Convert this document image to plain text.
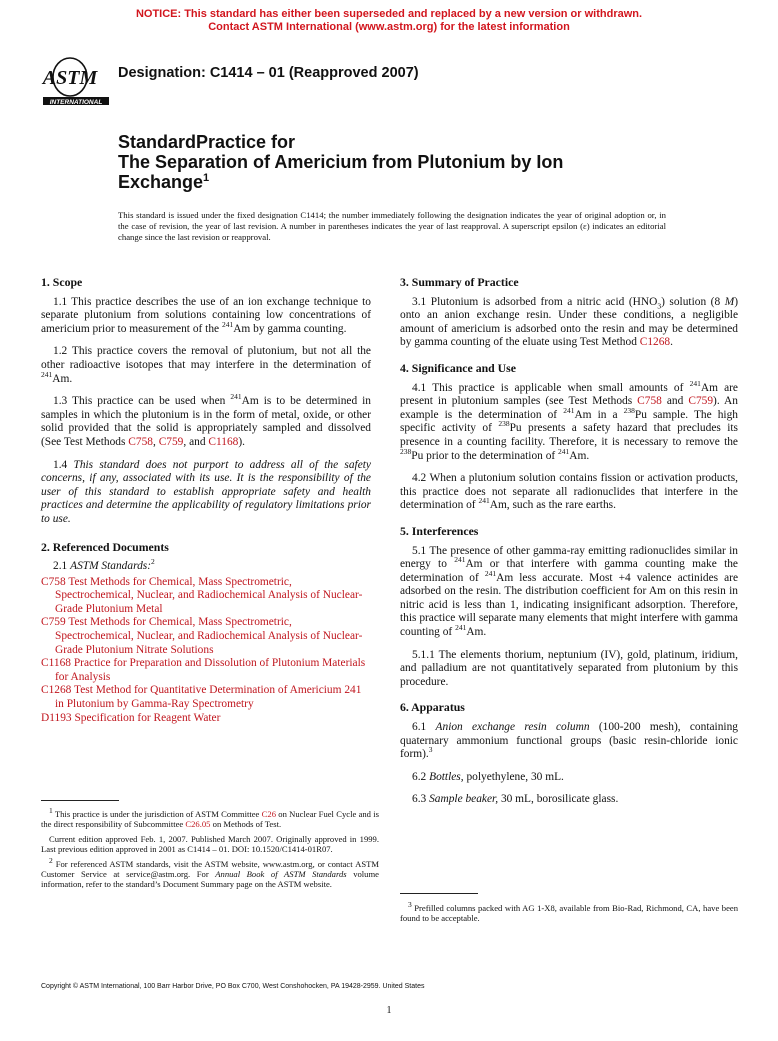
NOTICE: This standard has either been superseded and replaced by a new version or withdrawn.
Contact ASTM International (www.astm.org) for the latest information
ASTM
INTERNATIONAL
Designation: C1414 – 01 (Reapproved 2007)
StandardPractice for
The Separation of Americium from Plutonium by Ion
Exchange$^1$
This standard is issued under the fixed designation C1414; the number immediately following the designation indicates the year of original adoption or, in the case of revision, the year of last revision. A number in parentheses indicates the year of last reapproval. A superscript epsilon (ε) indicates an editorial change since the last revision or reapproval.
1. Scope

1.1 This practice describes the use of an ion exchange technique to separate plutonium from solutions containing low concentrations of americium prior to measurement of the $^{241}$Am by gamma counting.

1.2 This practice covers the removal of plutonium, but not all the other radioactive isotopes that may interfere in the determination of $^{241}$Am.

1.3 This practice can be used when $^{241}$Am is to be determined in samples in which the plutonium is in the form of metal, oxide, or other solid provided that the solid is appropriately sampled and dissolved (See Test Methods C758, C759, and C1168).

1.4 This standard does not purport to address all of the safety concerns, if any, associated with its use. It is the responsibility of the user of this standard to establish appropriate safety and health practices and determine the applicability of regulatory limitations prior to use.

2. Referenced Documents
2.1 ASTM Standards:$^2$
C758 Test Methods for Chemical, Mass Spectrometric, Spectrochemical, Nuclear, and Radiochemical Analysis of Nuclear-Grade Plutonium Metal
C759 Test Methods for Chemical, Mass Spectrometric, Spectrochemical, Nuclear, and Radiochemical Analysis of Nuclear-Grade Plutonium Nitrate Solutions
C1168 Practice for Preparation and Dissolution of Plutonium Materials for Analysis
C1268 Test Method for Quantitative Determination of Americium 241 in Plutonium by Gamma-Ray Spectrometry
D1193 Specification for Reagent Water

$^1$ This practice is under the jurisdiction of ASTM Committee C26 on Nuclear Fuel Cycle and is the direct responsibility of Subcommittee C26.05 on Methods of Test.

Current edition approved Feb. 1, 2007. Published March 2007. Originally approved in 1999. Last previous edition approved in 2001 as C1414 – 01. DOI: 10.1520/C1414-01R07.

$^2$ For referenced ASTM standards, visit the ASTM website, www.astm.org, or contact ASTM Customer Service at service@astm.org. For Annual Book of ASTM Standards volume information, refer to the standard’s Document Summary page on the ASTM website.

3. Summary of Practice

3.1 Plutonium is adsorbed from a nitric acid $(HNO_3)$ solution (8 M) onto an anion exchange resin. Under these conditions, a negligible amount of americium is adsorbed onto the resin and may be determined by gamma counting of the eluate using Test Method C1268.

4. Significance and Use

4.1 This practice is applicable when small amounts of $^{241}$Am are present in plutonium samples (see Test Methods C758 and C759). An example is the determination of $^{241}$Am in a $^{238}$Pu sample. The high specific activity of $^{238}$Pu presents a safety hazard that precludes its presence in a counting facility. Therefore, it is necessary to remove the $^{238}$Pu prior to the determination of $^{241}$Am.

4.2 When a plutonium solution contains fission or activation products, this practice does not separate all radionuclides that interfere in the determination of $^{241}$Am, such as the rare earths.

5. Interferences

5.1 The presence of other gamma-ray emitting radionuclides similar in energy to $^{241}$Am or that interfere with gamma counting make the determination of $^{241}$Am less accurate. Most +4 valence actinides are adsorbed on the resin. The distribution coefficient for Am on this resin in nitric acid is less than 1, indicating insignificant adsorption. Therefore, this practice will separate many elements that might interfere with gamma counting of $^{241}$Am.

5.1.1 The elements thorium, neptunium (IV), gold, platinum, iridium, and palladium are not quantitatively separated from plutonium by this procedure.

6. Apparatus

6.1 Anion exchange resin column (100-200 mesh), containing quaternary ammonium functional groups (basic resin-chloride ionic form).$^3$

6.2 Bottles, polyethylene, 30 mL.

6.3 Sample beaker, 30 mL, borosilicate glass.

$^3$ Prefilled columns packed with AG 1-X8, available from Bio-Rad, Richmond, CA, have been found to be acceptable.

Copyright © ASTM International, 100 Barr Harbor Drive, PO Box C700, West Conshohocken, PA 19428-2959. United States
1
